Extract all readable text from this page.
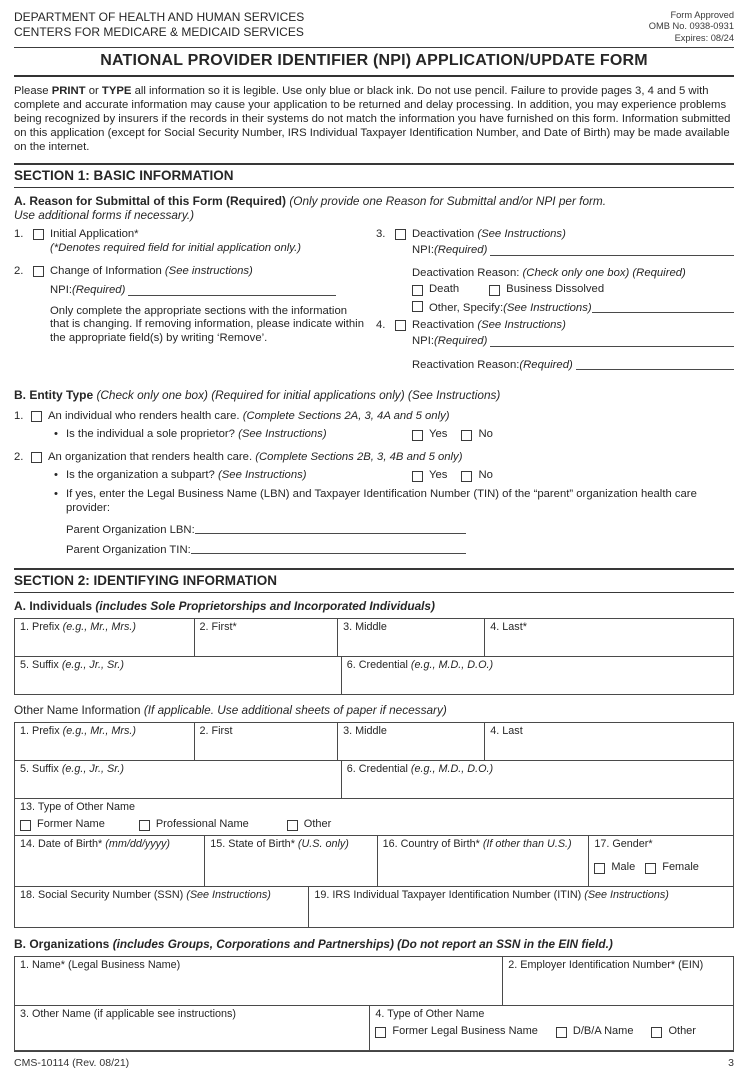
DEPARTMENT OF HEALTH AND HUMAN SERVICES
CENTERS FOR MEDICARE & MEDICAID SERVICES
Form Approved
OMB No. 0938-0931
Expires: 08/24
NATIONAL PROVIDER IDENTIFIER (NPI) APPLICATION/UPDATE FORM

Please PRINT or TYPE all information so it is legible. Use only blue or black ink. Do not use pencil. Failure to provide pages 3, 4 and 5 with complete and accurate information may cause your application to be returned and delay processing. In addition, you may experience problems being recognized by insurers if the records in their systems do not match the information you have furnished on this form. Information submitted on this application (except for Social Security Number, IRS Individual Taxpayer Identification Number, and Date of Birth) may be made available on the internet.

SECTION 1: BASIC INFORMATION
A. Reason for Submittal of this Form (Required) (Only provide one Reason for Submittal and/or NPI per form.
Use additional forms if necessary.)
1.	Initial Application*
(*Denotes required field for initial application only.)
2.	Change of Information (See instructions)
NPI: (Required)
Only complete the appropriate sections with the information that is changing. If removing information, please indicate within the appropriate field(s) by writing ‘Remove’.
3.	Deactivation (See Instructions)
NPI: (Required)
Deactivation Reason: (Check only one box) (Required)
Death	Business Dissolved
Other, Specify: (See Instructions)
4.	Reactivation (See Instructions)
NPI: (Required)
Reactivation Reason: (Required)
B. Entity Type (Check only one box) (Required for initial applications only) (See Instructions)
1.	An individual who renders health care. (Complete Sections 2A, 3, 4A and 5 only)
• Is the individual a sole proprietor? (See Instructions)	Yes	No
2.	An organization that renders health care. (Complete Sections 2B, 3, 4B and 5 only)
• Is the organization a subpart? (See Instructions)	Yes	No
• If yes, enter the Legal Business Name (LBN) and Taxpayer Identification Number (TIN) of the “parent” organization health care provider:
Parent Organization LBN:
Parent Organization TIN:
SECTION 2: IDENTIFYING INFORMATION
A. Individuals (includes Sole Proprietorships and Incorporated Individuals)
1. Prefix (e.g., Mr., Mrs.)	2. First*	3. Middle	4. Last*
5. Suffix (e.g., Jr., Sr.)	6. Credential (e.g., M.D., D.O.)
Other Name Information (If applicable. Use additional sheets of paper if necessary)
1. Prefix (e.g., Mr., Mrs.)	2. First	3. Middle	4. Last
5. Suffix (e.g., Jr., Sr.)	6. Credential (e.g., M.D., D.O.)
13. Type of Other Name
Former Name	Professional Name	Other
14. Date of Birth* (mm/dd/yyyy)	15. State of Birth* (U.S. only)	16. Country of Birth* (If other than U.S.)	17. Gender*
Male Female
18. Social Security Number (SSN) (See Instructions)	19. IRS Individual Taxpayer Identification Number (ITIN) (See Instructions)
B. Organizations (includes Groups, Corporations and Partnerships) (Do not report an SSN in the EIN field.)
1. Name* (Legal Business Name)	2. Employer Identification Number* (EIN)
3. Other Name (if applicable see instructions)	4. Type of Other Name
Former Legal Business Name	D/B/A Name	Other
CMS-10114 (Rev. 08/21)	3
